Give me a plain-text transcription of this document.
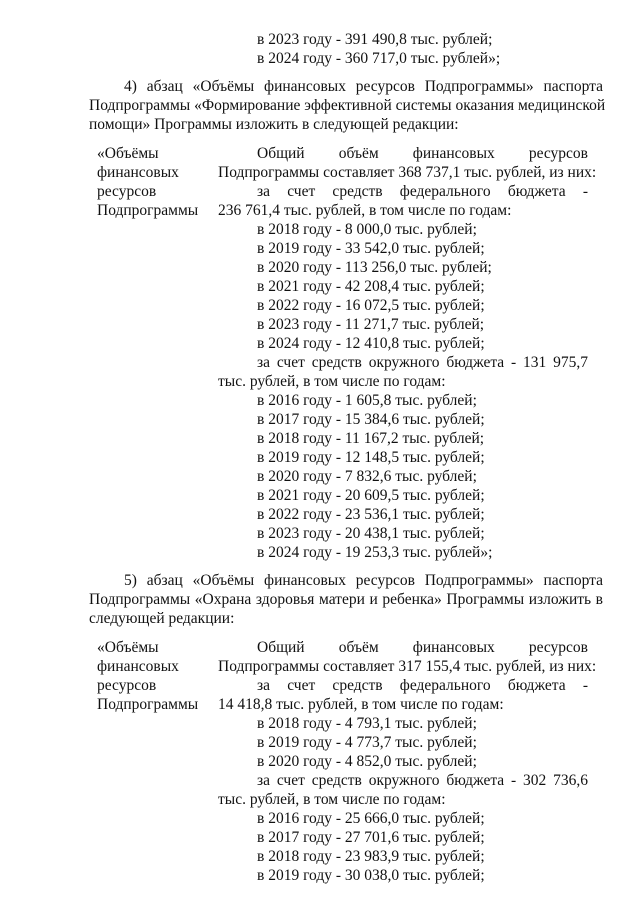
в 2023 году - 391 490,8 тыс. рублей;
в 2024 году - 360 717,0 тыс. рублей»;
4) абзац «Объёмы финансовых ресурсов Подпрограммы» паспорта
Подпрограммы «Формирование эффективной системы оказания медицинской
помощи» Программы изложить в следующей редакции:
«Объёмы
финансовых
ресурсов
Подпрограммы
Общий объём финансовых ресурсов
Подпрограммы составляет 368 737,1 тыс. рублей, из них:
за счет средств федерального бюджета -
236 761,4 тыс. рублей, в том числе по годам:
в 2018 году - 8 000,0 тыс. рублей;
в 2019 году - 33 542,0 тыс. рублей;
в 2020 году - 113 256,0 тыс. рублей;
в 2021 году - 42 208,4 тыс. рублей;
в 2022 году - 16 072,5 тыс. рублей;
в 2023 году - 11 271,7 тыс. рублей;
в 2024 году - 12 410,8 тыс. рублей;
за счет средств окружного бюджета - 131 975,7
тыс. рублей, в том числе по годам:
в 2016 году - 1 605,8 тыс. рублей;
в 2017 году - 15 384,6 тыс. рублей;
в 2018 году - 11 167,2 тыс. рублей;
в 2019 году - 12 148,5 тыс. рублей;
в 2020 году - 7 832,6 тыс. рублей;
в 2021 году - 20 609,5 тыс. рублей;
в 2022 году - 23 536,1 тыс. рублей;
в 2023 году - 20 438,1 тыс. рублей;
в 2024 году - 19 253,3 тыс. рублей»;
5) абзац «Объёмы финансовых ресурсов Подпрограммы» паспорта
Подпрограммы «Охрана здоровья матери и ребенка» Программы изложить в
следующей редакции:
«Объёмы
финансовых
ресурсов
Подпрограммы
Общий объём финансовых ресурсов
Подпрограммы составляет 317 155,4 тыс. рублей, из них:
за счет средств федерального бюджета -
14 418,8 тыс. рублей, в том числе по годам:
в 2018 году - 4 793,1 тыс. рублей;
в 2019 году - 4 773,7 тыс. рублей;
в 2020 году - 4 852,0 тыс. рублей;
за счет средств окружного бюджета - 302 736,6
тыс. рублей, в том числе по годам:
в 2016 году - 25 666,0 тыс. рублей;
в 2017 году - 27 701,6 тыс. рублей;
в 2018 году - 23 983,9 тыс. рублей;
в 2019 году - 30 038,0 тыс. рублей;
